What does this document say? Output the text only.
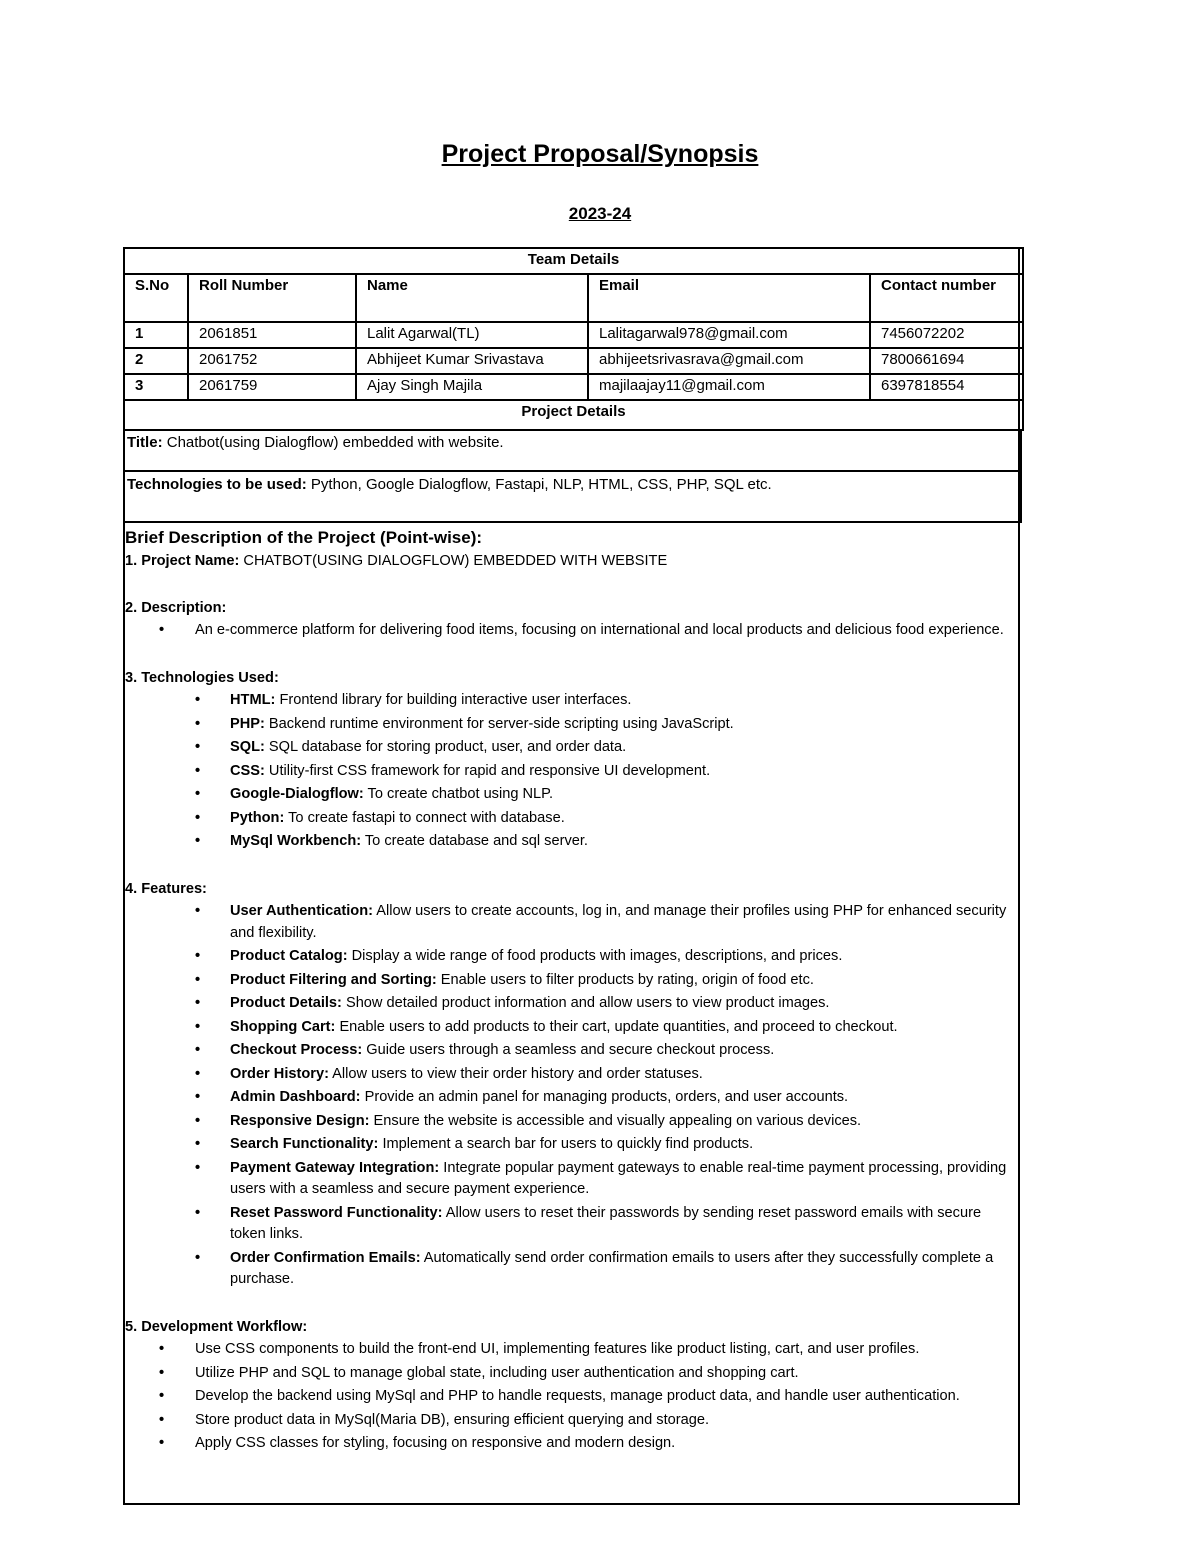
Project Proposal/Synopsis
2023-24
Team Details				
S.No	Roll Number	Name	Email	Contact number
1	2061851	Lalit Agarwal(TL)	Lalitagarwal978@gmail.com	7456072202
2	2061752	Abhijeet Kumar Srivastava	abhijeetsrivasrava@gmail.com	7800661694
3	2061759	Ajay Singh Majila	majilaajay11@gmail.com	6397818554
Project Details				
Title: Chatbot(using Dialogflow) embedded with website.
Technologies to be used: Python, Google Dialogflow, Fastapi, NLP, HTML, CSS, PHP, SQL etc.
Brief Description of the Project (Point-wise):

1. Project Name: CHATBOT(USING DIALOGFLOW) EMBEDDED WITH WEBSITE

2. Description:

• An e-commerce platform for delivering food items, focusing on international and local products and delicious food experience.

3. Technologies Used:

• HTML: Frontend library for building interactive user interfaces.
• PHP: Backend runtime environment for server-side scripting using JavaScript.
• SQL: SQL database for storing product, user, and order data.
• CSS: Utility-first CSS framework for rapid and responsive UI development.
• Google-Dialogflow: To create chatbot using NLP.
• Python: To create fastapi to connect with database.
• MySql Workbench: To create database and sql server.

4. Features:

• User Authentication: Allow users to create accounts, log in, and manage their profiles using PHP for enhanced security and flexibility.
• Product Catalog: Display a wide range of food products with images, descriptions, and prices.
• Product Filtering and Sorting: Enable users to filter products by rating, origin of food etc.
• Product Details: Show detailed product information and allow users to view product images.
• Shopping Cart: Enable users to add products to their cart, update quantities, and proceed to checkout.
• Checkout Process: Guide users through a seamless and secure checkout process.
• Order History: Allow users to view their order history and order statuses.
• Admin Dashboard: Provide an admin panel for managing products, orders, and user accounts.
• Responsive Design: Ensure the website is accessible and visually appealing on various devices.
• Search Functionality: Implement a search bar for users to quickly find products.
• Payment Gateway Integration: Integrate popular payment gateways to enable real-time payment processing, providing users with a seamless and secure payment experience.
• Reset Password Functionality: Allow users to reset their passwords by sending reset password emails with secure token links.
• Order Confirmation Emails: Automatically send order confirmation emails to users after they successfully complete a purchase.

5. Development Workflow:

• Use CSS components to build the front-end UI, implementing features like product listing, cart, and user profiles.
• Utilize PHP and SQL to manage global state, including user authentication and shopping cart.
• Develop the backend using MySql and PHP to handle requests, manage product data, and handle user authentication.
• Store product data in MySql(Maria DB), ensuring efficient querying and storage.
• Apply CSS classes for styling, focusing on responsive and modern design.
